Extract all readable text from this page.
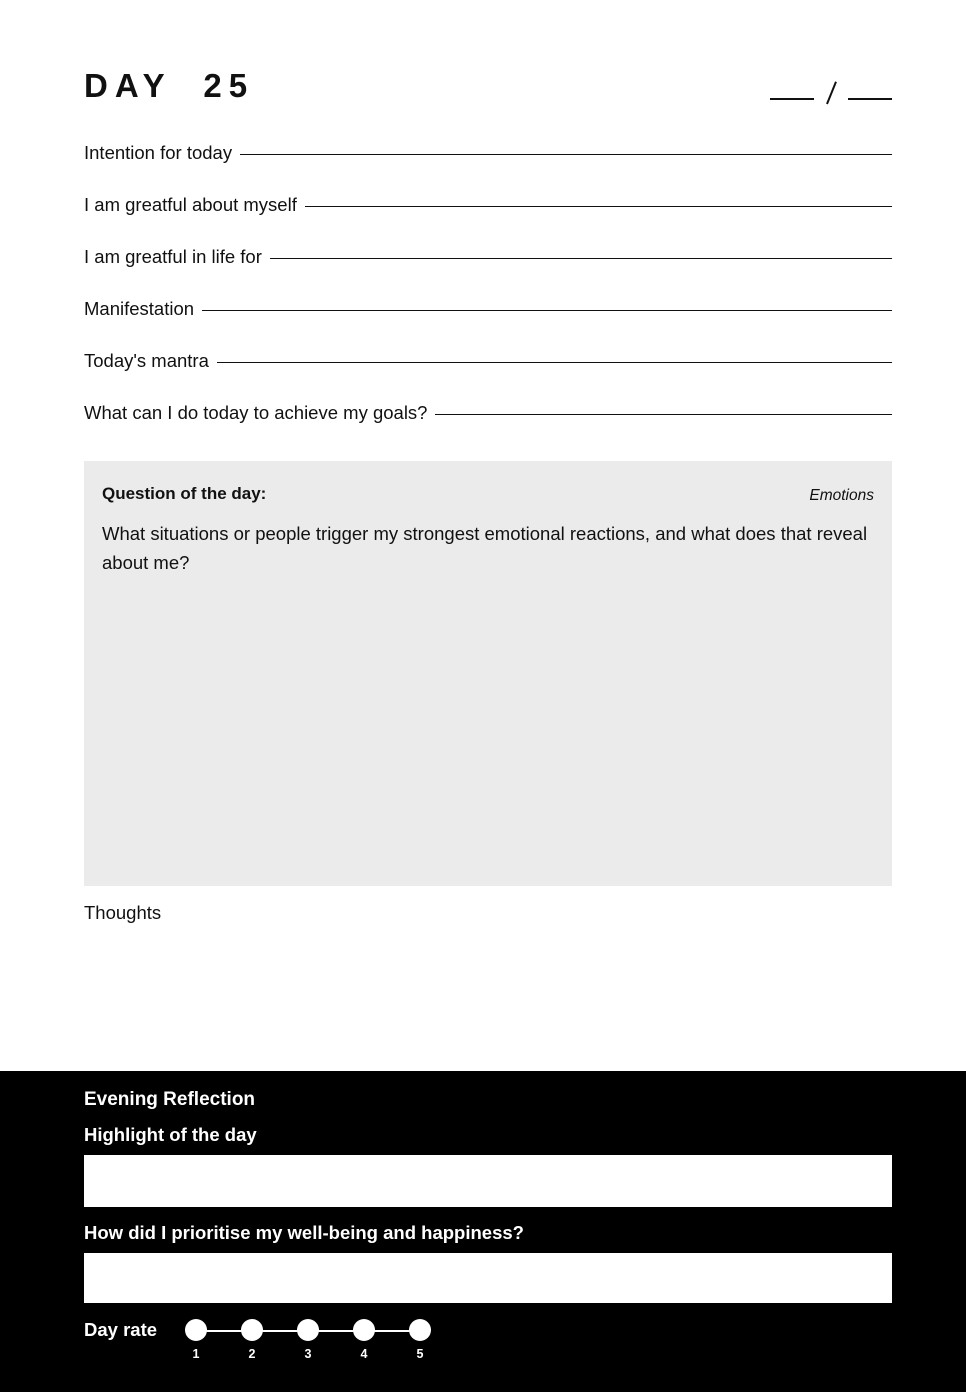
DAY  25
Intention for today
I am greatful about myself
I am greatful in life for
Manifestation
Today's mantra
What can I do today to achieve my goals?
Question of the day:	Emotions
What situations or people trigger my strongest emotional reactions, and what does that reveal about me?
Thoughts
Evening Reflection
Highlight of the day
How did I prioritise my well-being and happiness?
Day rate
1	2	3	4	5
